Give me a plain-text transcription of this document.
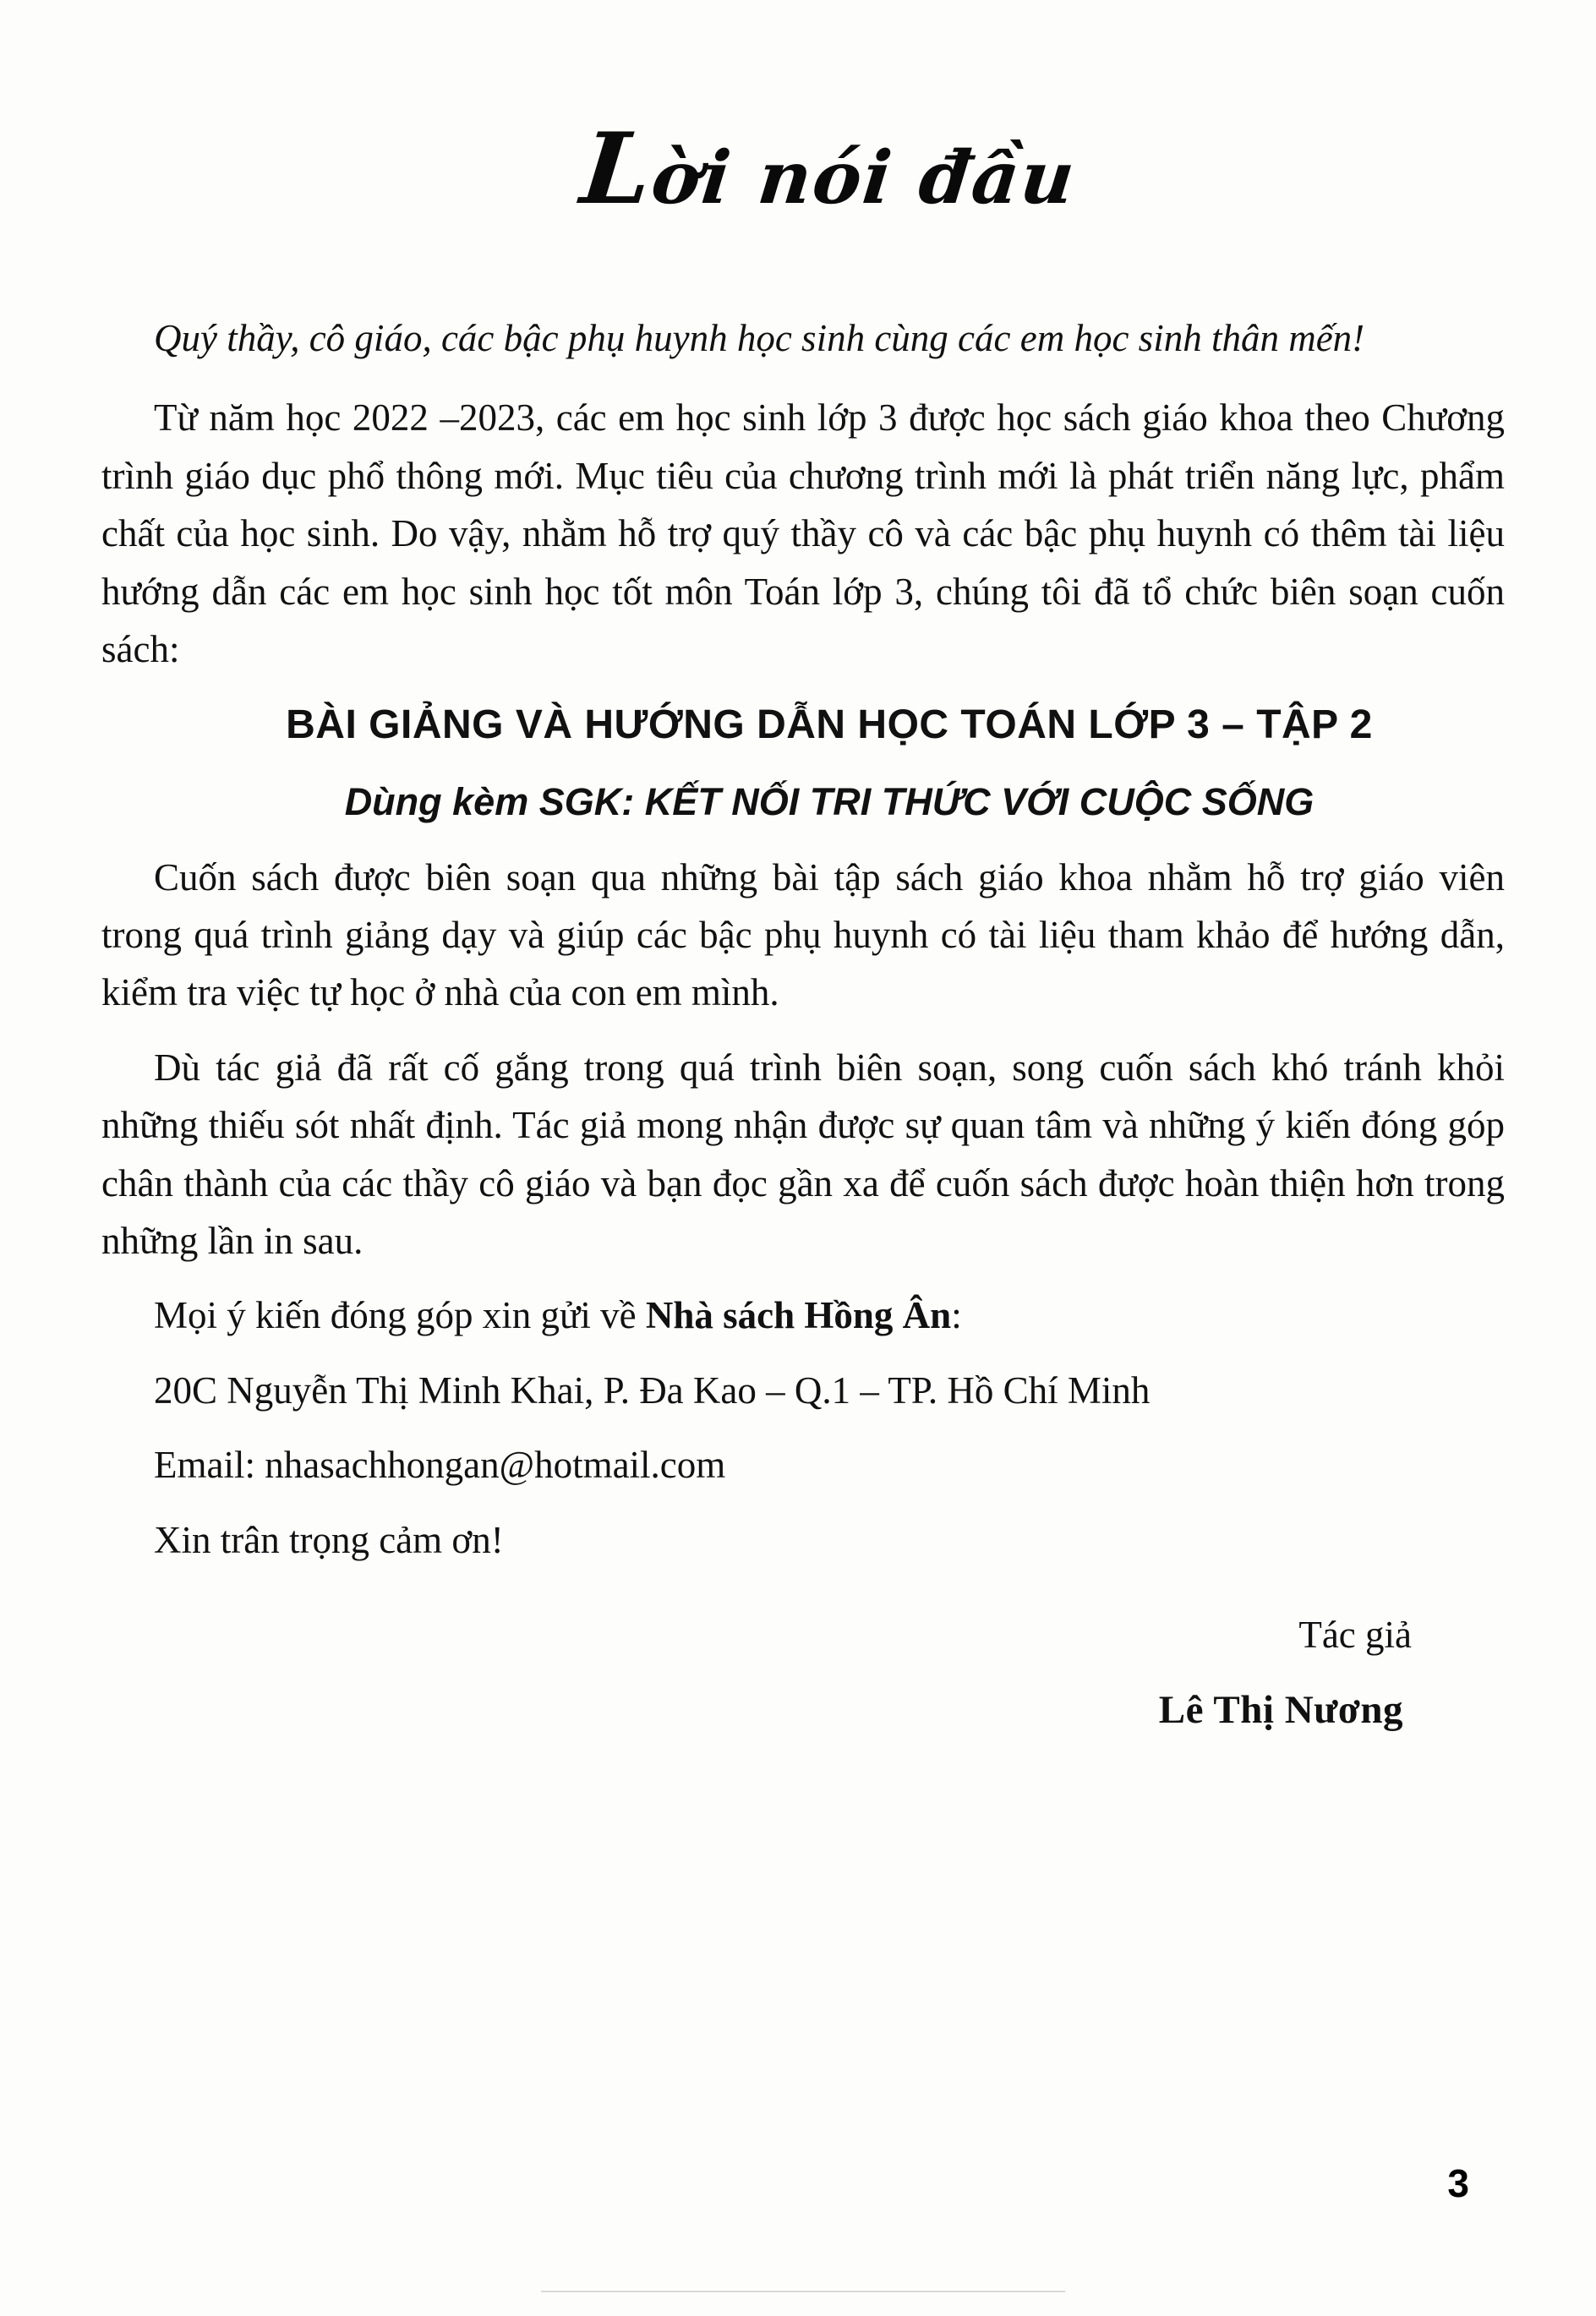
Lời nói đầu

Quý thầy, cô giáo, các bậc phụ huynh học sinh cùng các em học sinh thân mến!

Từ năm học 2022 –2023, các em học sinh lớp 3 được học sách giáo khoa theo Chương trình giáo dục phổ thông mới. Mục tiêu của chương trình mới là phát triển năng lực, phẩm chất của học sinh. Do vậy, nhằm hỗ trợ quý thầy cô và các bậc phụ huynh có thêm tài liệu hướng dẫn các em học sinh học tốt môn Toán lớp 3, chúng tôi đã tổ chức biên soạn cuốn sách:

BÀI GIẢNG VÀ HƯỚNG DẪN HỌC TOÁN LỚP 3 – TẬP 2

Dùng kèm SGK: KẾT NỐI TRI THỨC VỚI CUỘC SỐNG

Cuốn sách được biên soạn qua những bài tập sách giáo khoa nhằm hỗ trợ giáo viên trong quá trình giảng dạy và giúp các bậc phụ huynh có tài liệu tham khảo để hướng dẫn, kiểm tra việc tự học ở nhà của con em mình.

Dù tác giả đã rất cố gắng trong quá trình biên soạn, song cuốn sách khó tránh khỏi những thiếu sót nhất định. Tác giả mong nhận được sự quan tâm và những ý kiến đóng góp chân thành của các thầy cô giáo và bạn đọc gần xa để cuốn sách được hoàn thiện hơn trong những lần in sau.

Mọi ý kiến đóng góp xin gửi về Nhà sách Hồng Ân:

20C Nguyễn Thị Minh Khai, P. Đa Kao – Q.1 – TP. Hồ Chí Minh

Email: nhasachhongan@hotmail.com

Xin trân trọng cảm ơn!

Tác giả
Lê Thị Nương
3
